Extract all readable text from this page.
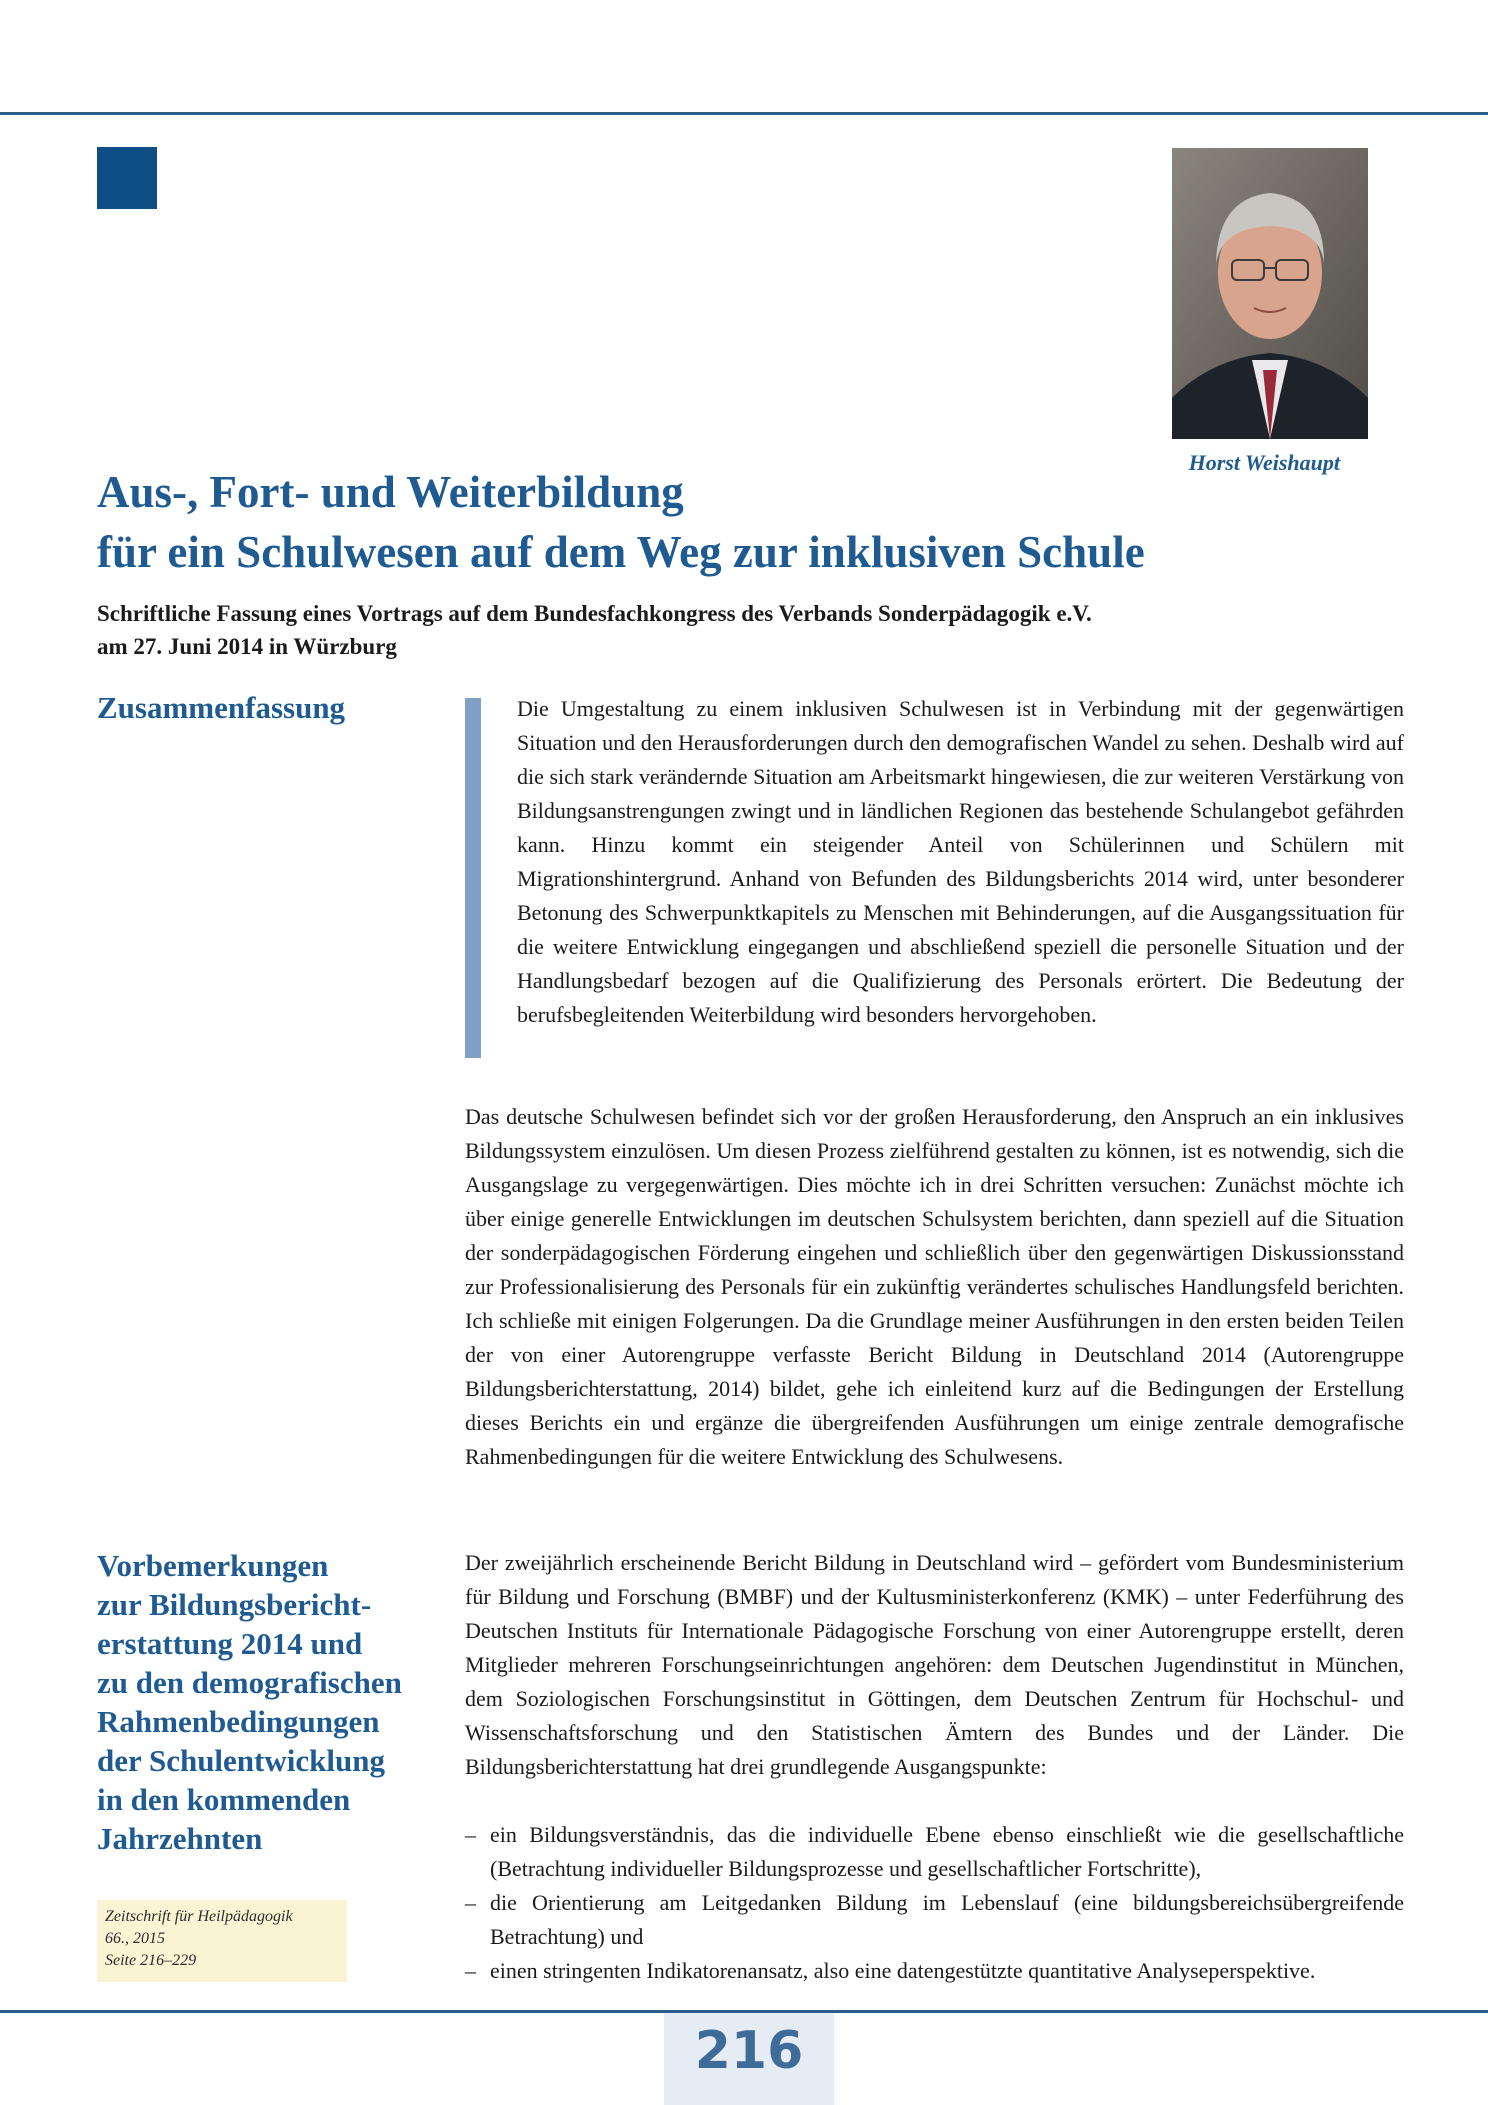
Horst Weishaupt
Aus-, Fort- und Weiterbildung
für ein Schulwesen auf dem Weg zur inklusiven Schule
Schriftliche Fassung eines Vortrags auf dem Bundesfachkongress des Verbands Sonderpädagogik e.V.
am 27. Juni 2014 in Würzburg
Zusammenfassung	Die Umgestaltung zu einem inklusiven Schulwesen ist in Verbindung mit der gegenwärtigen Situation und den Herausforderungen durch den demografischen Wandel zu sehen. Deshalb wird auf die sich stark verändernde Situation am Arbeitsmarkt hingewiesen, die zur weiteren Verstärkung von Bildungsanstrengungen zwingt und in ländlichen Regionen das bestehende Schulangebot gefährden kann. Hinzu kommt ein steigender Anteil von Schülerinnen und Schülern mit Migrationshintergrund. Anhand von Befunden des Bildungsberichts 2014 wird, unter besonderer Betonung des Schwerpunktkapitels zu Menschen mit Behinderungen, auf die Ausgangssituation für die weitere Entwicklung eingegangen und abschließend speziell die personelle Situation und der Handlungsbedarf bezogen auf die Qualifizierung des Personals erörtert. Die Bedeutung der berufsbegleitenden Weiterbildung wird besonders hervorgehoben.

Das deutsche Schulwesen befindet sich vor der großen Herausforderung, den Anspruch an ein inklusives Bildungssystem einzulösen. Um diesen Prozess zielführend gestalten zu können, ist es notwendig, sich die Ausgangslage zu vergegenwärtigen. Dies möchte ich in drei Schritten versuchen: Zunächst möchte ich über einige generelle Entwicklungen im deutschen Schulsystem berichten, dann speziell auf die Situation der sonderpädagogischen Förderung eingehen und schließlich über den gegenwärtigen Diskussionsstand zur Professionalisierung des Personals für ein zukünftig verändertes schulisches Handlungsfeld berichten. Ich schließe mit einigen Folgerungen. Da die Grundlage meiner Ausführungen in den ersten beiden Teilen der von einer Autorengruppe verfasste Bericht Bildung in Deutschland 2014 (Autorengruppe Bildungsberichterstattung, 2014) bildet, gehe ich einleitend kurz auf die Bedingungen der Erstellung dieses Berichts ein und ergänze die übergreifenden Ausführungen um einige zentrale demografische Rahmenbedingungen für die weitere Entwicklung des Schulwesens.

Vorbemerkungen
zur Bildungsbericht-
erstattung 2014 und
zu den demografischen
Rahmenbedingungen
der Schulentwicklung
in den kommenden
Jahrzehnten

Der zweijährlich erscheinende Bericht Bildung in Deutschland wird – gefördert vom Bundesministerium für Bildung und Forschung (BMBF) und der Kultusministerkonferenz (KMK) – unter Federführung des Deutschen Instituts für Internationale Pädagogische Forschung von einer Autorengruppe erstellt, deren Mitglieder mehreren Forschungseinrichtungen angehören: dem Deutschen Jugendinstitut in München, dem Soziologischen Forschungsinstitut in Göttingen, dem Deutschen Zentrum für Hochschul- und Wissenschaftsforschung und den Statistischen Ämtern des Bundes und der Länder. Die Bildungsberichterstattung hat drei grundlegende Ausgangspunkte:

– ein Bildungsverständnis, das die individuelle Ebene ebenso einschließt wie die gesellschaftliche (Betrachtung individueller Bildungsprozesse und gesellschaftlicher Fortschritte),
– die Orientierung am Leitgedanken Bildung im Lebenslauf (eine bildungsbereichsübergreifende Betrachtung) und
– einen stringenten Indikatorenansatz, also eine datengestützte quantitative Analyseperspektive.
Zeitschrift für Heilpädagogik
66., 2015
Seite 216–229
216
